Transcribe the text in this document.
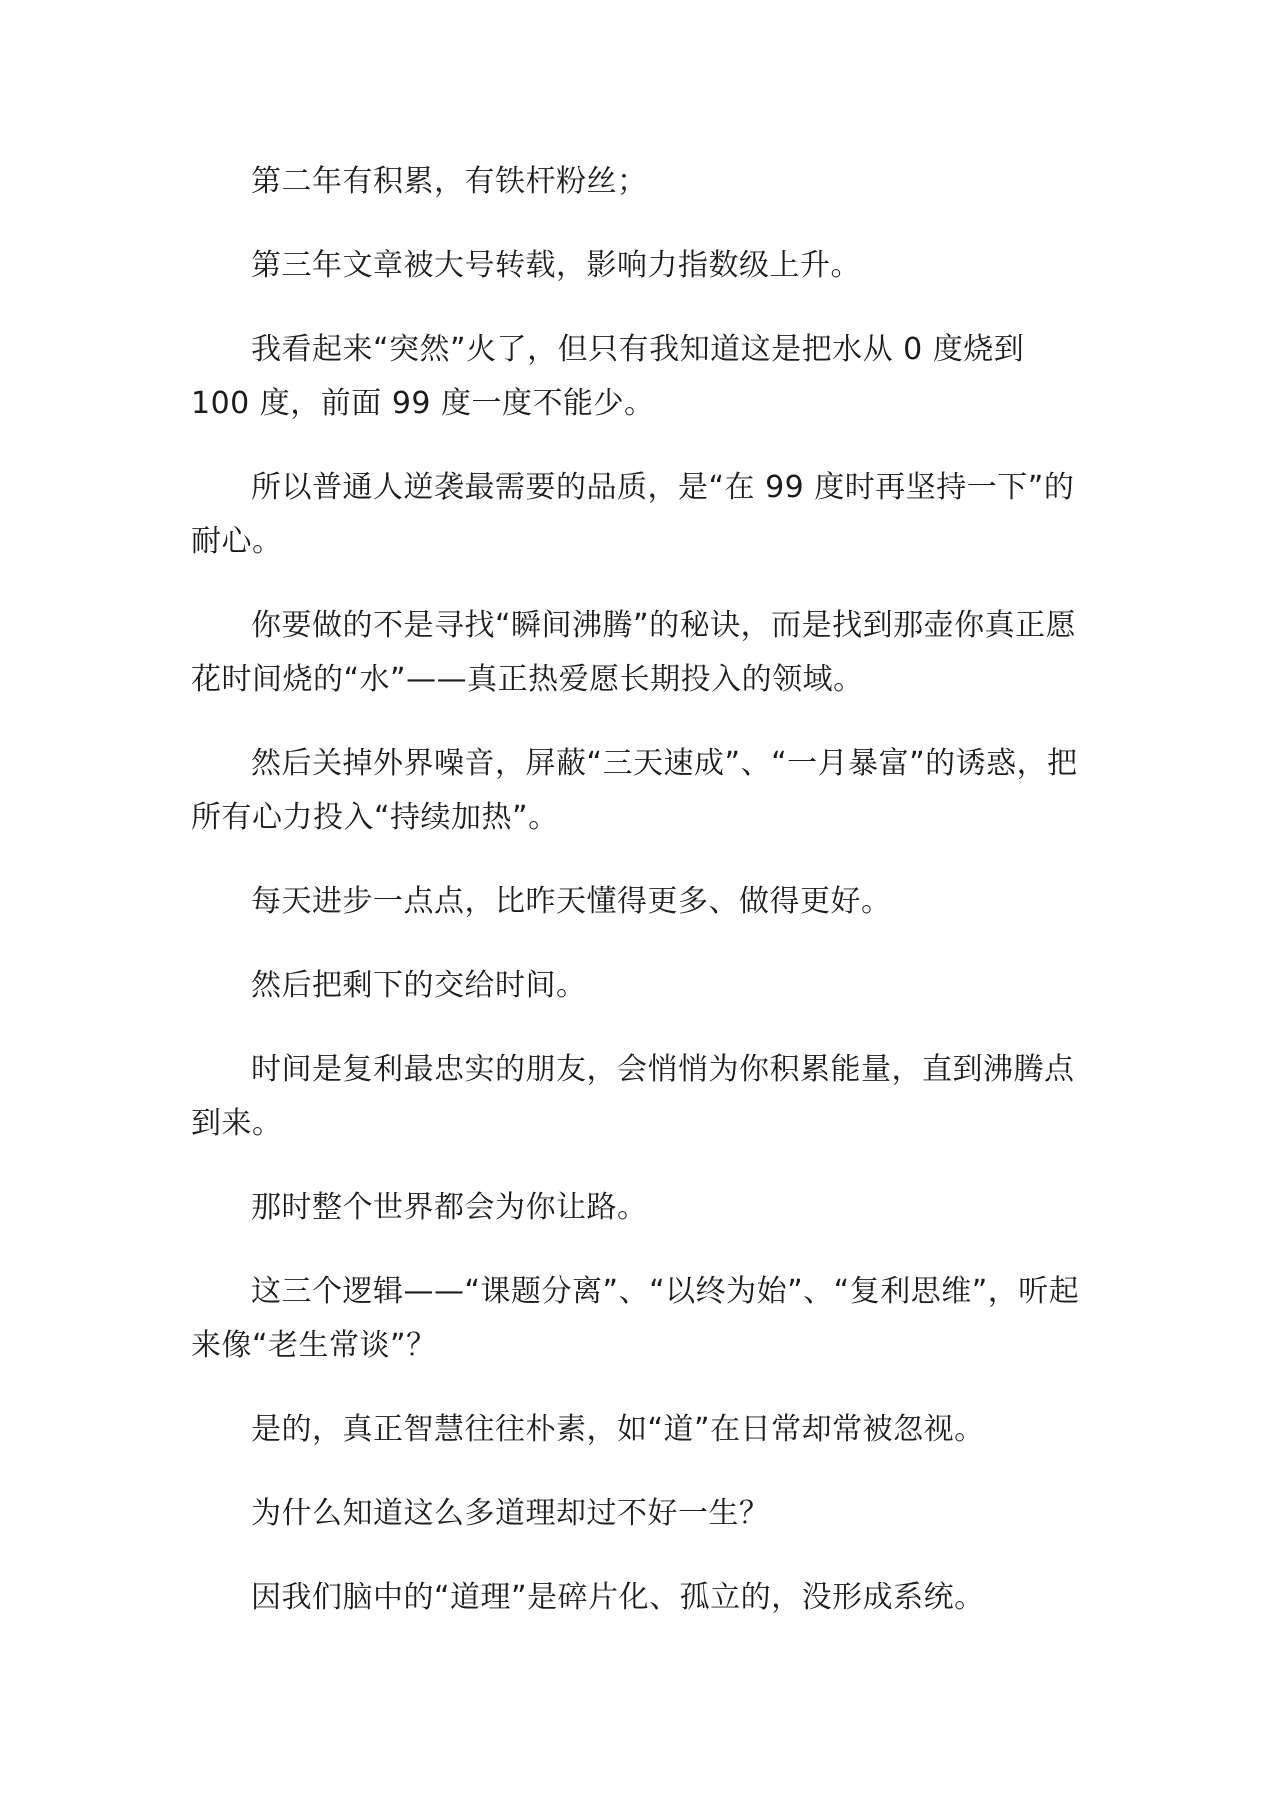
第二年有积累，有铁杆粉丝；

第三年文章被大号转载，影响力指数级上升。

我看起来“突然”火了，但只有我知道这是把水从 0 度烧到 100 度，前面 99 度一度不能少。

所以普通人逆袭最需要的品质，是“在 99 度时再坚持一下”的耐心。

你要做的不是寻找“瞬间沸腾”的秘诀，而是找到那壶你真正愿花时间烧的“水”——真正热爱愿长期投入的领域。

然后关掉外界噪音，屏蔽“三天速成”、“一月暴富”的诱惑，把所有心力投入“持续加热”。

每天进步一点点，比昨天懂得更多、做得更好。

然后把剩下的交给时间。

时间是复利最忠实的朋友，会悄悄为你积累能量，直到沸腾点到来。

那时整个世界都会为你让路。

这三个逻辑——“课题分离”、“以终为始”、“复利思维”，听起来像“老生常谈”？

是的，真正智慧往往朴素，如“道”在日常却常被忽视。

为什么知道这么多道理却过不好一生？

因我们脑中的“道理”是碎片化、孤立的，没形成系统。
